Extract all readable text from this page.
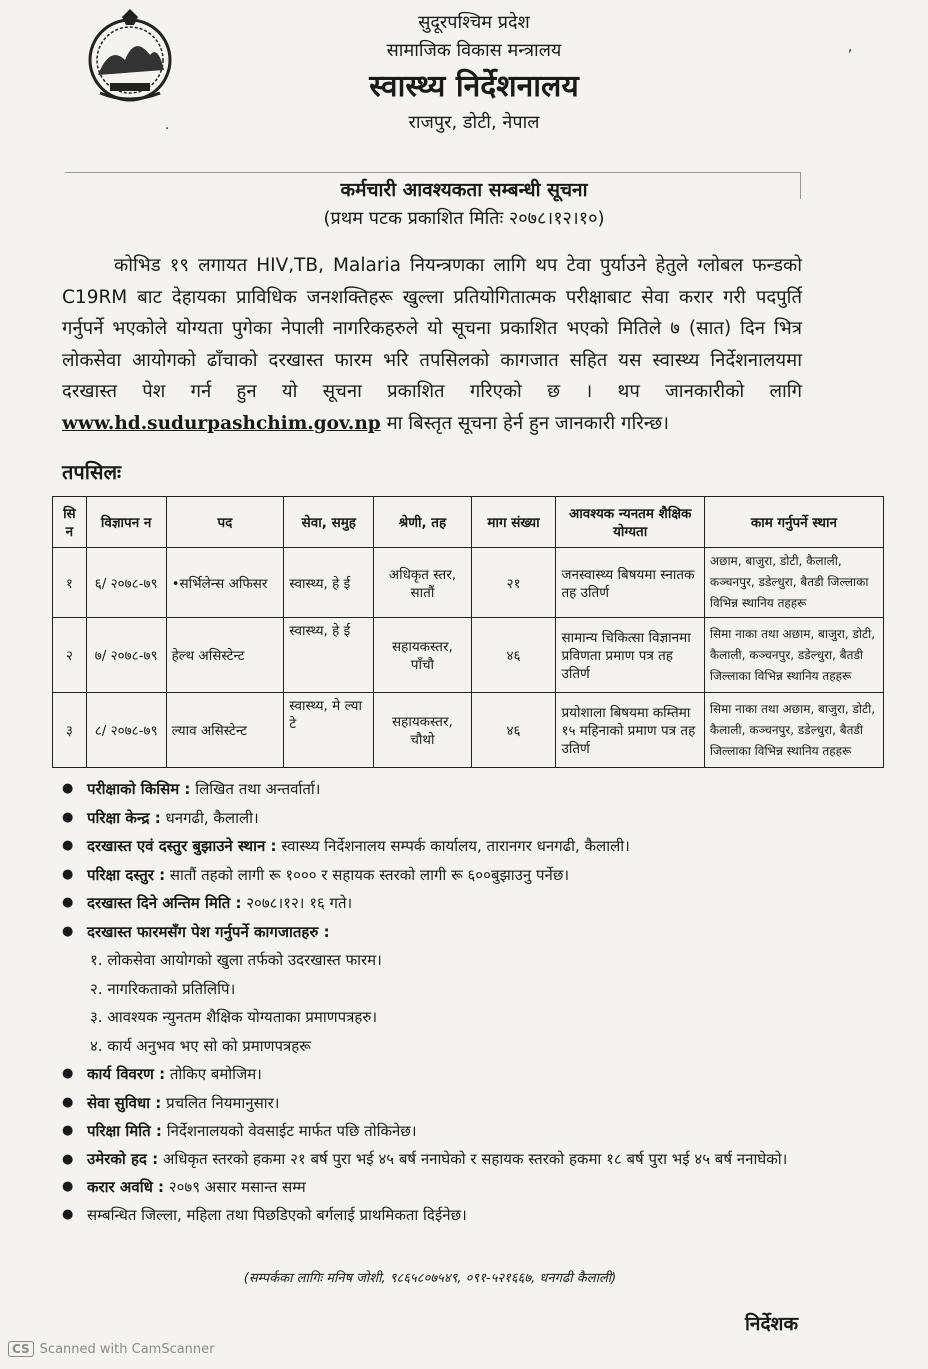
सुदूरपश्चिम प्रदेश
सामाजिक विकास मन्त्रालय
स्वास्थ्य निर्देशनालय
राजपुर, डोटी, नेपाल
.
,
कर्मचारी आवश्यकता सम्बन्धी सूचना
(प्रथम पटक प्रकाशित मितिः २०७८।१२।१०)
कोभिड १९ लगायत HIV,TB, Malaria नियन्त्रणका लागि थप टेवा पुर्याउने हेतुले ग्लोबल फन्डको C19RM बाट देहायका प्राविधिक जनशक्तिहरू खुल्ला प्रतियोगितात्मक परीक्षाबाट सेवा करार गरी पदपुर्ति गर्नुपर्ने भएकोले योग्यता पुगेका नेपाली नागरिकहरुले यो सूचना प्रकाशित भएको मितिले ७ (सात) दिन भित्र लोकसेवा आयोगको ढाँचाको दरखास्त फारम भरि तपसिलको कागजात सहित यस स्वास्थ्य निर्देशनालयमा दरखास्त पेश गर्न हुन यो सूचना प्रकाशित गरिएको छ । थप जानकारीको लागि www.hd.sudurpashchim.gov.np मा बिस्तृत सूचना हेर्न हुन जानकारी गरिन्छ।
तपसिलः
सि न	विज्ञापन न	पद	सेवा, समुह	श्रेणी, तह	माग संख्या	आवश्यक न्यनतम शैक्षिक योग्यता	काम गर्नुपर्ने स्थान
१	६/ २०७८-७९	•सर्भिलेन्स अफिसर	स्वास्थ्य, हे ई	अधिकृत स्तर, सातौं	२१	जनस्वास्थ्य बिषयमा स्नातक तह उतिर्ण	अछाम, बाजुरा, डोटी, कैलाली, कञ्चनपुर, डडेल्धुरा, बैतडी जिल्लाका विभिन्न स्थानिय तहहरू
२	७/ २०७८-७९	हेल्थ असिस्टेन्ट	स्वास्थ्य, हे ई	सहायकस्तर, पाँचौ	४६	सामान्य चिकित्सा विज्ञानमा प्रविणता प्रमाण पत्र तह उतिर्ण	सिमा नाका तथा अछाम, बाजुरा, डोटी, कैलाली, कञ्चनपुर, डडेल्धुरा, बैतडी जिल्लाका विभिन्न स्थानिय तहहरू
३	८/ २०७८-७९	ल्याव असिस्टेन्ट	स्वास्थ्य, मे ल्या टे	सहायकस्तर, चौथो	४६	प्रयोशाला बिषयमा कम्तिमा १५ महिनाको प्रमाण पत्र तह उतिर्ण	सिमा नाका तथा अछाम, बाजुरा, डोटी, कैलाली, कञ्चनपुर, डडेल्धुरा, बैतडी जिल्लाका विभिन्न स्थानिय तहहरू
● परीक्षाको किसिम : लिखित तथा अन्तर्वार्ता।
● परिक्षा केन्द्र : धनगढी, कैलाली।
● दरखास्त एवं दस्तुर बुझाउने स्थान : स्वास्थ्य निर्देशनालय सम्पर्क कार्यालय, तारानगर धनगढी, कैलाली।
● परिक्षा दस्तुर : सातौं तहको लागी रू १००० र सहायक स्तरको लागी रू ६००बुझाउनु पर्नेछ।
● दरखास्त दिने अन्तिम मिति : २०७८।१२। १६ गते।
● दरखास्त फारमसँग पेश गर्नुपर्ने कागजातहरु :
१. लोकसेवा आयोगको खुला तर्फको उदरखास्त फारम।
२. नागरिकताको प्रतिलिपि।
३. आवश्यक न्युनतम शैक्षिक योग्यताका प्रमाणपत्रहरु।
४. कार्य अनुभव भए सो को प्रमाणपत्रहरू
● कार्य विवरण : तोकिए बमोजिम।
● सेवा सुविधा : प्रचलित नियमानुसार।
● परिक्षा मिति : निर्देशनालयको वेवसाईट मार्फत पछि तोकिनेछ।
● उमेरको हद : अधिकृत स्तरको हकमा २१ बर्ष पुरा भई ४५ बर्ष ननाघेको र सहायक स्तरको हकमा १८ बर्ष पुरा भई ४५ बर्ष ननाघेको।
● करार अवधि : २०७९ असार मसान्त सम्म
● सम्बन्धित जिल्ला, महिला तथा पिछडिएको बर्गलाई प्राथमिकता दिईनेछ।
(सम्पर्कका लागिः मनिष जोशी, ९८६५८०७५४९, ०९१-५२१६६७, धनगढी कैलाली)
निर्देशक
CS Scanned with CamScanner
